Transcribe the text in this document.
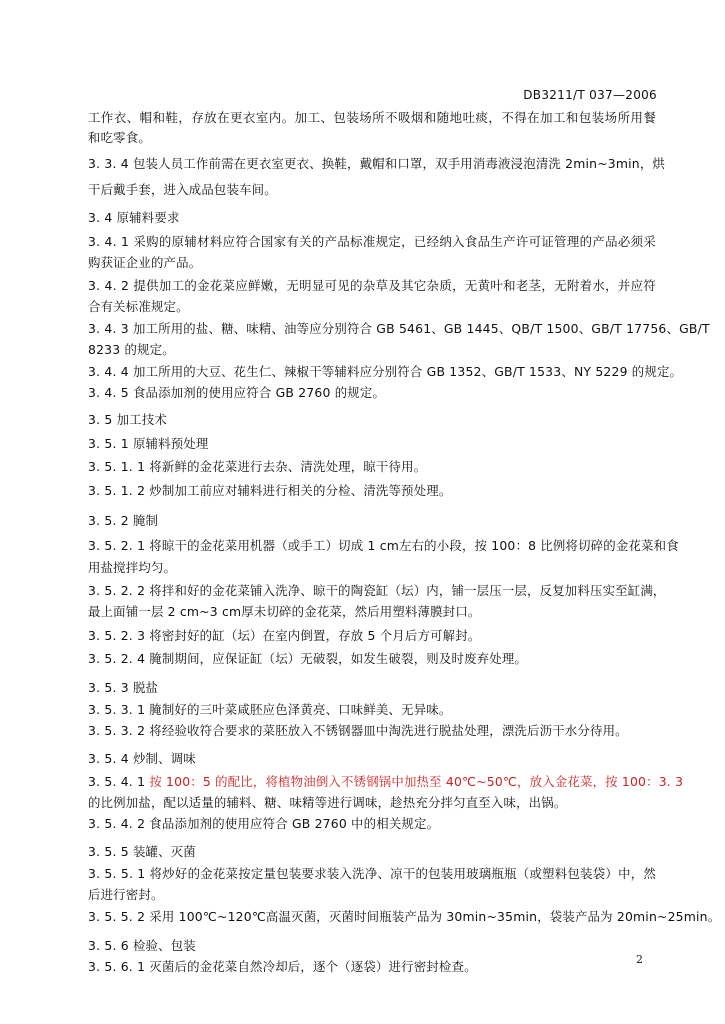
DB3211/T 037—2006
工作衣、帽和鞋，存放在更衣室内。加工、包装场所不吸烟和随地吐痰，不得在加工和包装场所用餐
和吃零食。
3. 3. 4 包装人员工作前需在更衣室更衣、换鞋，戴帽和口罩，双手用消毒液浸泡清洗 2min~3min，烘
干后戴手套，进入成品包装车间。
3. 4 原辅料要求
3. 4. 1 采购的原辅材料应符合国家有关的产品标准规定，已经纳入食品生产许可证管理的产品必须采
购获证企业的产品。
3. 4. 2 提供加工的金花菜应鲜嫩，无明显可见的杂草及其它杂质，无黄叶和老茎，无附着水，并应符
合有关标准规定。
3. 4. 3 加工所用的盐、糖、味精、油等应分别符合 GB 5461、GB 1445、QB/T 1500、GB/T 17756、GB/T
8233 的规定。
3. 4. 4 加工所用的大豆、花生仁、辣椒干等辅料应分别符合 GB 1352、GB/T 1533、NY 5229 的规定。
3. 4. 5 食品添加剂的使用应符合 GB 2760 的规定。
3. 5 加工技术
3. 5. 1 原辅料预处理
3. 5. 1. 1 将新鲜的金花菜进行去杂、清洗处理，晾干待用。
3. 5. 1. 2 炒制加工前应对辅料进行相关的分检、清洗等预处理。
3. 5. 2 腌制
3. 5. 2. 1 将晾干的金花菜用机器（或手工）切成 1 cm左右的小段，按 100：8 比例将切碎的金花菜和食
用盐搅拌均匀。
3. 5. 2. 2 将拌和好的金花菜铺入洗净、晾干的陶瓷缸（坛）内，铺一层压一层，反复加料压实至缸满，
最上面铺一层 2 cm~3 cm厚未切碎的金花菜，然后用塑料薄膜封口。
3. 5. 2. 3 将密封好的缸（坛）在室内倒置，存放 5 个月后方可解封。
3. 5. 2. 4 腌制期间，应保证缸（坛）无破裂，如发生破裂，则及时废弃处理。
3. 5. 3 脱盐
3. 5. 3. 1 腌制好的三叶菜咸胚应色泽黄亮、口味鲜美、无异味。
3. 5. 3. 2 将经验收符合要求的菜胚放入不锈钢器皿中淘洗进行脱盐处理，漂洗后沥干水分待用。
3. 5. 4 炒制、调味
3. 5. 4. 1 按 100：5 的配比，将植物油倒入不锈钢锅中加热至 40℃~50℃，放入金花菜，按 100：3. 3
的比例加盐，配以适量的辅料、糖、味精等进行调味，趁热充分拌匀直至入味，出锅。
3. 5. 4. 2 食品添加剂的使用应符合 GB 2760 中的相关规定。
3. 5. 5 装罐、灭菌
3. 5. 5. 1 将炒好的金花菜按定量包装要求装入洗净、凉干的包装用玻璃瓶瓶（或塑料包装袋）中，然
后进行密封。
3. 5. 5. 2 采用 100℃~120℃高温灭菌，灭菌时间瓶装产品为 30min~35min，袋装产品为 20min~25min。
3. 5. 6 检验、包装
3. 5. 6. 1 灭菌后的金花菜自然冷却后，逐个（逐袋）进行密封检查。	2
